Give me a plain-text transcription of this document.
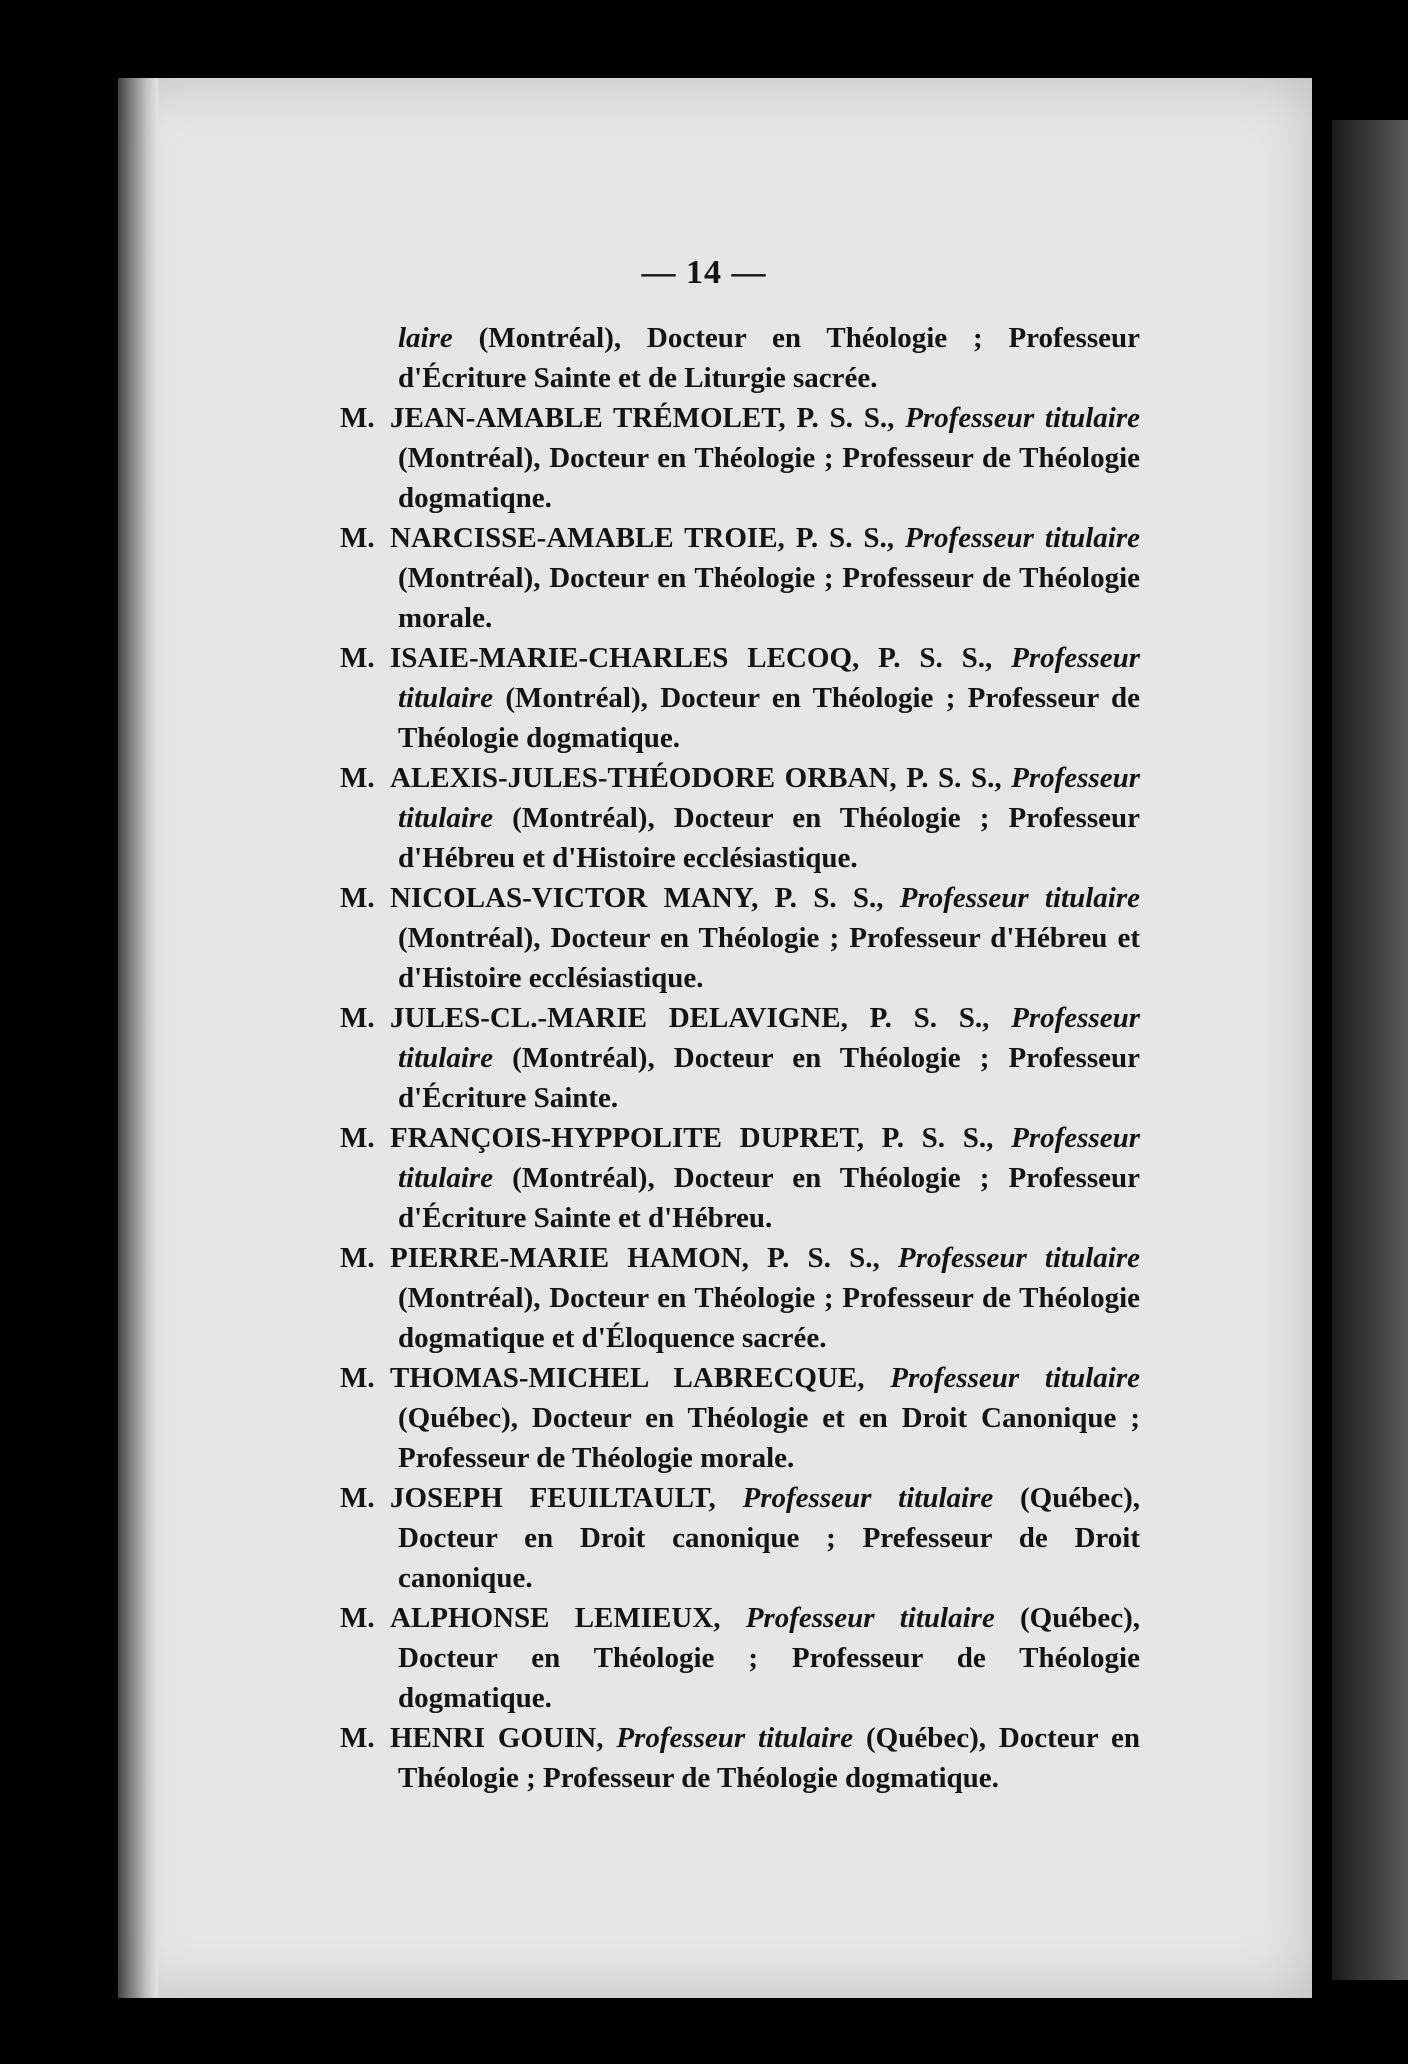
— 14 —

laire (Montréal), Docteur en Théologie ; Professeur d'Écriture Sainte et de Liturgie sacrée.

M. JEAN-AMABLE TRÉMOLET, P. S. S., Professeur titulaire (Montréal), Docteur en Théologie ; Professeur de Théologie dogmatiqne.

M. NARCISSE-AMABLE TROIE, P. S. S., Professeur titulaire (Montréal), Docteur en Théologie ; Professeur de Théologie morale.

M. ISAIE-MARIE-CHARLES LECOQ, P. S. S., Professeur titulaire (Montréal), Docteur en Théologie ; Professeur de Théologie dogmatique.

M. ALEXIS-JULES-THÉODORE ORBAN, P. S. S., Professeur titulaire (Montréal), Docteur en Théologie ; Professeur d'Hébreu et d'Histoire ecclésiastique.

M. NICOLAS-VICTOR MANY, P. S. S., Professeur titulaire (Montréal), Docteur en Théologie ; Professeur d'Hébreu et d'Histoire ecclésiastique.

M. JULES-CL.-MARIE DELAVIGNE, P. S. S., Professeur titulaire (Montréal), Docteur en Théologie ; Professeur d'Écriture Sainte.

M. FRANÇOIS-HYPPOLITE DUPRET, P. S. S., Professeur titulaire (Montréal), Docteur en Théologie ; Professeur d'Écriture Sainte et d'Hébreu.

M. PIERRE-MARIE HAMON, P. S. S., Professeur titulaire (Montréal), Docteur en Théologie ; Professeur de Théologie dogmatique et d'Éloquence sacrée.

M. THOMAS-MICHEL LABRECQUE, Professeur titulaire (Québec), Docteur en Théologie et en Droit Canonique ; Professeur de Théologie morale.

M. JOSEPH FEUILTAULT, Professeur titulaire (Québec), Docteur en Droit canonique ; Prefesseur de Droit canonique.

M. ALPHONSE LEMIEUX, Professeur titulaire (Québec), Docteur en Théologie ; Professeur de Théologie dogmatique.

M. HENRI GOUIN, Professeur titulaire (Québec), Docteur en Théologie ; Professeur de Théologie dogmatique.
